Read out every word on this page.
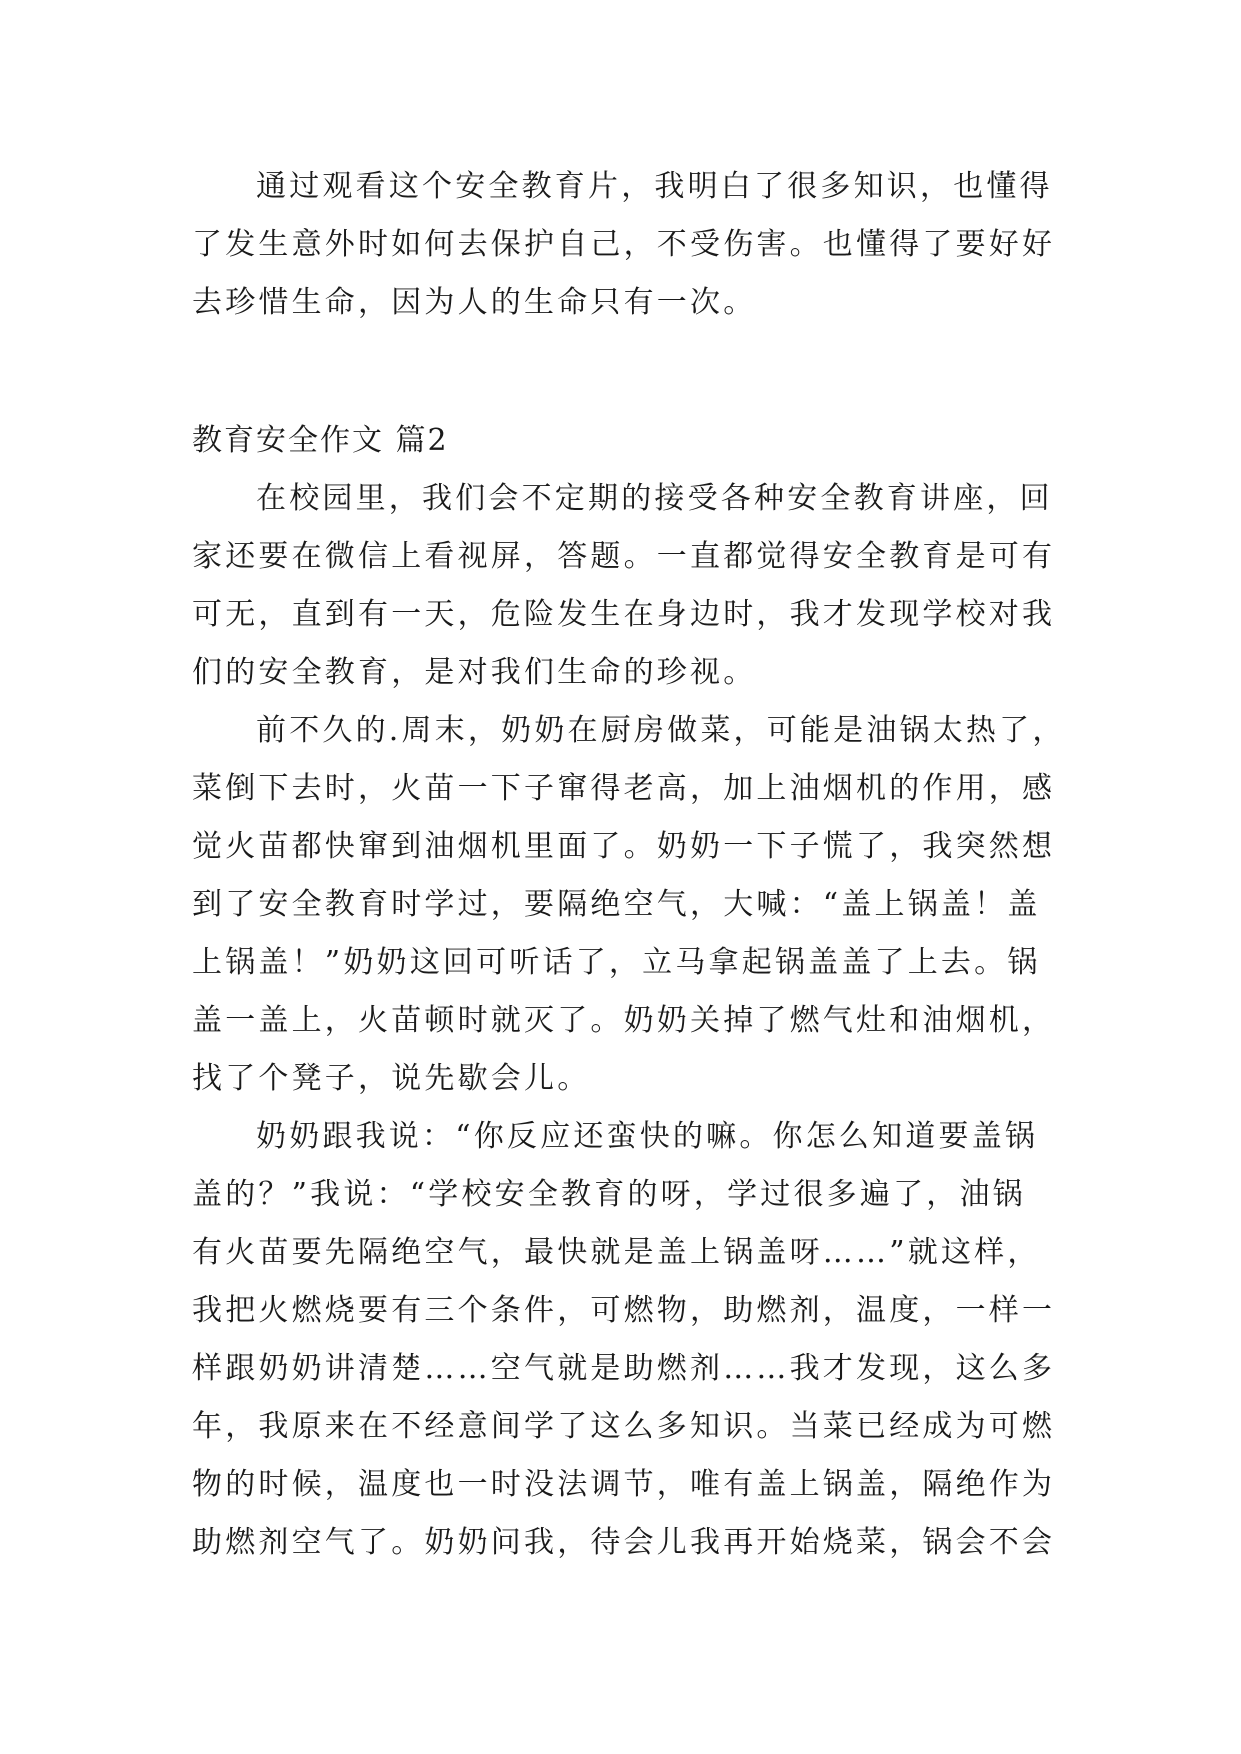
通过观看这个安全教育片，我明白了很多知识，也懂得
了发生意外时如何去保护自己，不受伤害。也懂得了要好好
去珍惜生命，因为人的生命只有一次。
教育安全作文 篇2
在校园里，我们会不定期的接受各种安全教育讲座，回
家还要在微信上看视屏，答题。一直都觉得安全教育是可有
可无，直到有一天，危险发生在身边时，我才发现学校对我
们的安全教育，是对我们生命的珍视。
前不久的.周末，奶奶在厨房做菜，可能是油锅太热了，
菜倒下去时，火苗一下子窜得老高，加上油烟机的作用，感
觉火苗都快窜到油烟机里面了。奶奶一下子慌了，我突然想
到了安全教育时学过，要隔绝空气，大喊：“盖上锅盖！盖
上锅盖！”奶奶这回可听话了，立马拿起锅盖盖了上去。锅
盖一盖上，火苗顿时就灭了。奶奶关掉了燃气灶和油烟机，
找了个凳子，说先歇会儿。
奶奶跟我说：“你反应还蛮快的嘛。你怎么知道要盖锅
盖的？”我说：“学校安全教育的呀，学过很多遍了，油锅
有火苗要先隔绝空气，最快就是盖上锅盖呀……”就这样，
我把火燃烧要有三个条件，可燃物，助燃剂，温度，一样一
样跟奶奶讲清楚……空气就是助燃剂……我才发现，这么多
年，我原来在不经意间学了这么多知识。当菜已经成为可燃
物的时候，温度也一时没法调节，唯有盖上锅盖，隔绝作为
助燃剂空气了。奶奶问我，待会儿我再开始烧菜，锅会不会
